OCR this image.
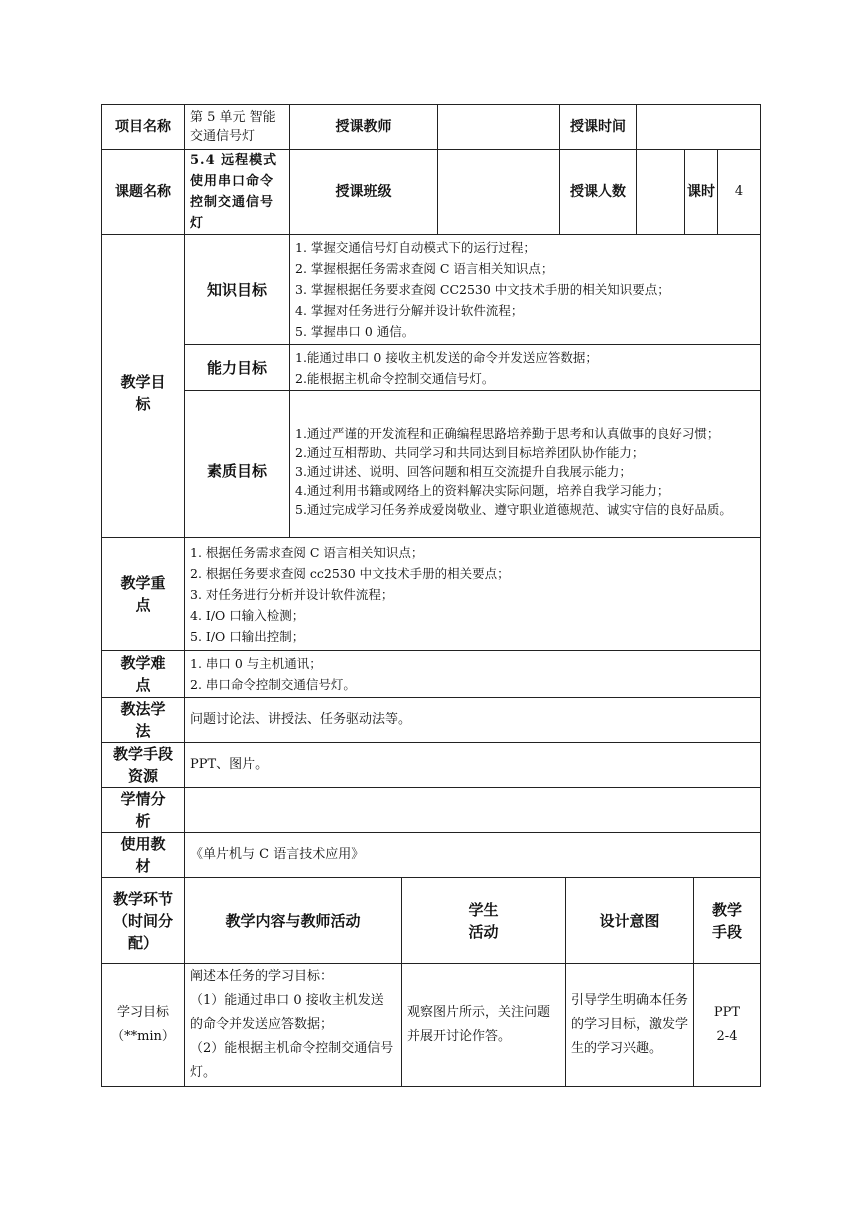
项目名称	第 5 单元 智能交通信号灯	授课教师		授课时间			
课题名称	5.4 远程模式使用串口命令控制交通信号灯	授课班级		授课人数		课时	4
教学目标	知识目标	1. 掌握交通信号灯自动模式下的运行过程；
2. 掌握根据任务需求查阅 C 语言相关知识点；
3. 掌握根据任务要求查阅 CC2530 中文技术手册的相关知识要点；
4. 掌握对任务进行分解并设计软件流程；
5. 掌握串口 0 通信。					

	能力目标	1.能通过串口 0 接收主机发送的命令并发送应答数据；
2.能根据主机命令控制交通信号灯。					

	素质目标	1.通过严谨的开发流程和正确编程思路培养勤于思考和认真做事的良好习惯；
2.通过互相帮助、共同学习和共同达到目标培养团队协作能力；
3.通过讲述、说明、回答问题和相互交流提升自我展示能力；
4.通过利用书籍或网络上的资料解决实际问题，培养自我学习能力；
5.通过完成学习任务养成爱岗敬业、遵守职业道德规范、诚实守信的良好品质。					
教学重点	1. 根据任务需求查阅 C 语言相关知识点；
2. 根据任务要求查阅 cc2530 中文技术手册的相关要点；
3. 对任务进行分析并设计软件流程；
4. I/O 口输入检测；
5. I/O 口输出控制；

教学难点	1. 串口 0 与主机通讯；
2. 串口命令控制交通信号灯。

教法学法	问题讨论法、讲授法、任务驱动法等。
教学手段资源	PPT、图片。
学情分析	
使用教材	《单片机与 C 语言技术应用》
教学环节（时间分配）	教学内容与教师活动	学生活动	设计意图	教学手段
学习目标（**min）	阐述本任务的学习目标：
（1）能通过串口 0 接收主机发送的命令并发送应答数据；
（2）能根据主机命令控制交通信号灯。	观察图片所示，关注问题并展开讨论作答。	引导学生明确本任务的学习目标，激发学生的学习兴趣。	PPT 2-4
